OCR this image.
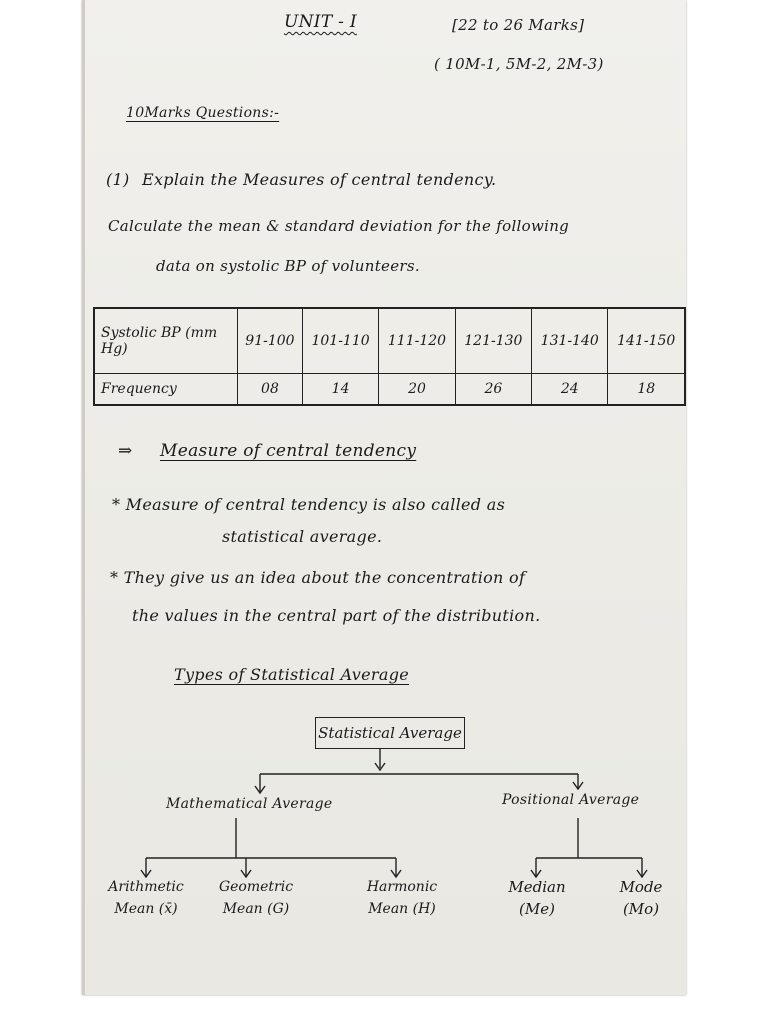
UNIT - I	[22 to 26 Marks]
( 10M-1, 5M-2, 2M-3)
10Marks Questions:-
(1) Explain the Measures of central tendency.
Calculate the mean & standard deviation for the following
data on systolic BP of volunteers.
Systolic BP (mm Hg)	91-100	101-110	111-120	121-130	131-140	141-150
Frequency	08	14	20	26	24	18
⇒ Measure of central tendency
* Measure of central tendency is also called as
statistical average.
* They give us an idea about the concentration of
the values in the central part of the distribution.
Types of Statistical Average
Statistical Average
Mathematical Average	Positional Average
Arithmetic
Mean (x̄)
Geometric
Mean (G)
Harmonic
Mean (H)
Median
(Me)
Mode
(Mo)
